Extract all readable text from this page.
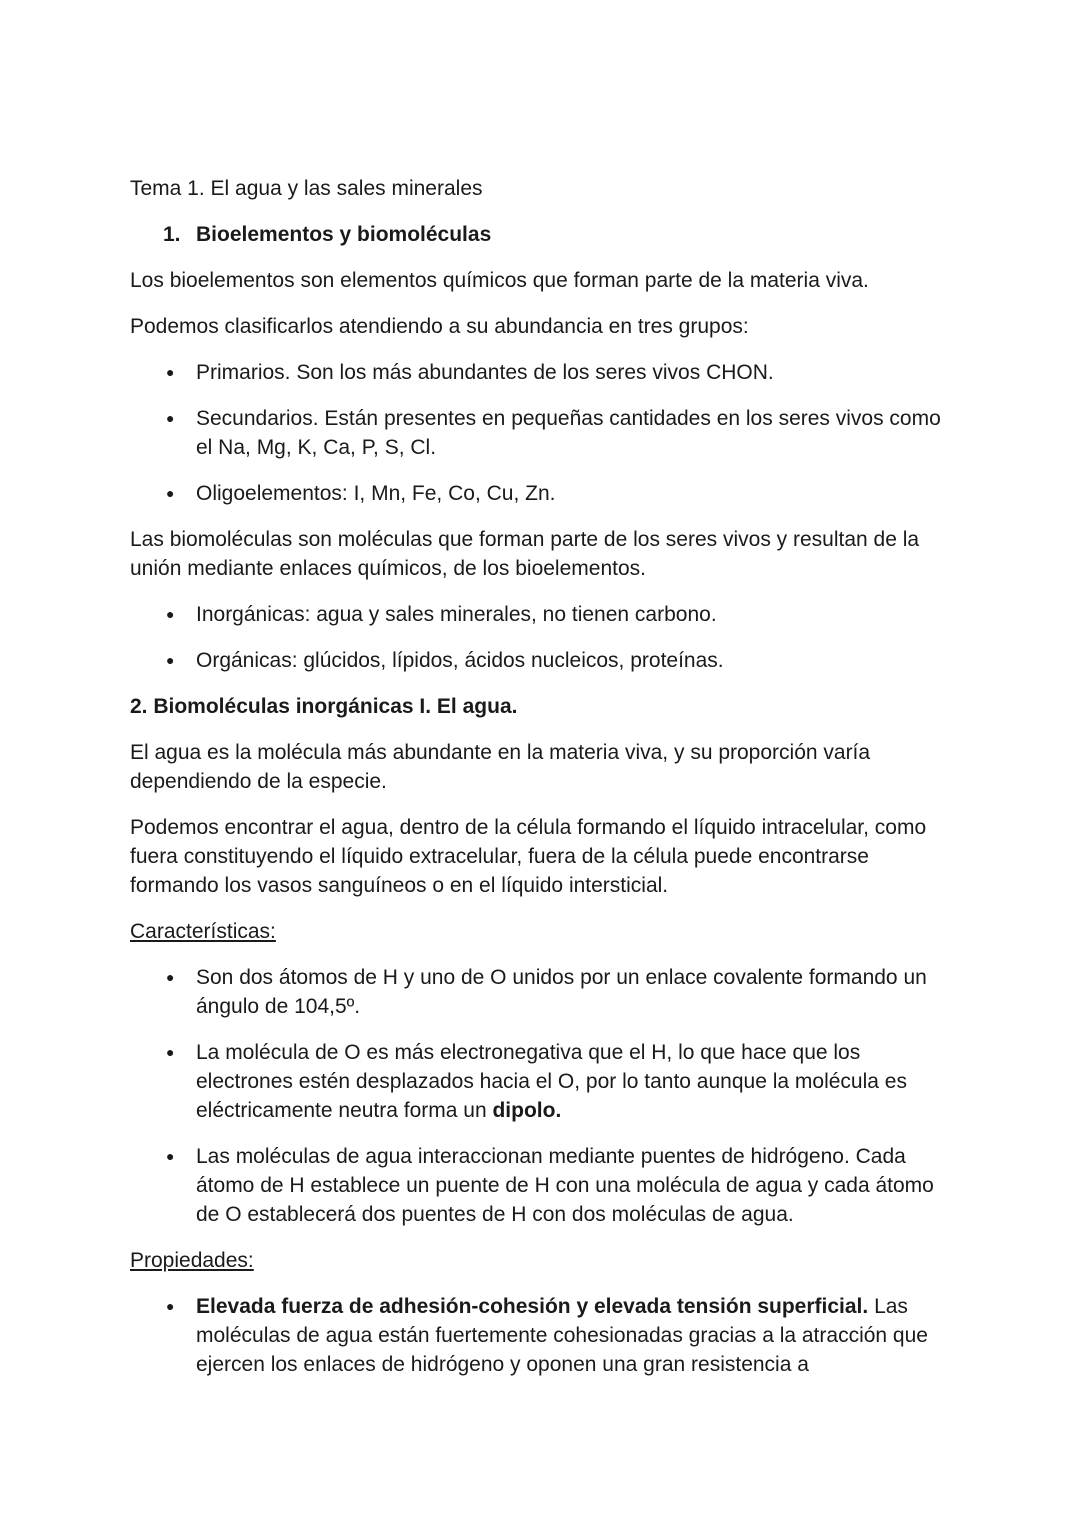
Tema 1. El agua y las sales minerales

1. Bioelementos y biomoléculas

Los bioelementos son elementos químicos que forman parte de la materia viva.

Podemos clasificarlos atendiendo a su abundancia en tres grupos:

● Primarios. Son los más abundantes de los seres vivos CHON.
● Secundarios. Están presentes en pequeñas cantidades en los seres vivos como el Na, Mg, K, Ca, P, S, Cl.
● Oligoelementos: I, Mn, Fe, Co, Cu, Zn.

Las biomoléculas son moléculas que forman parte de los seres vivos y resultan de la unión mediante enlaces químicos, de los bioelementos.

● Inorgánicas: agua y sales minerales, no tienen carbono.
● Orgánicas: glúcidos, lípidos, ácidos nucleicos, proteínas.

2. Biomoléculas inorgánicas I. El agua.

El agua es la molécula más abundante en la materia viva, y su proporción varía dependiendo de la especie.

Podemos encontrar el agua, dentro de la célula formando el líquido intracelular, como fuera constituyendo el líquido extracelular, fuera de la célula puede encontrarse formando los vasos sanguíneos o en el líquido intersticial.

Características:

● Son dos átomos de H y uno de O unidos por un enlace covalente formando un ángulo de 104,5º.
● La molécula de O es más electronegativa que el H, lo que hace que los electrones estén desplazados hacia el O, por lo tanto aunque la molécula es eléctricamente neutra forma un dipolo.
● Las moléculas de agua interaccionan mediante puentes de hidrógeno. Cada átomo de H establece un puente de H con una molécula de agua y cada átomo de O establecerá dos puentes de H con dos moléculas de agua.

Propiedades:

● Elevada fuerza de adhesión-cohesión y elevada tensión superficial. Las moléculas de agua están fuertemente cohesionadas gracias a la atracción que ejercen los enlaces de hidrógeno y oponen una gran resistencia a
